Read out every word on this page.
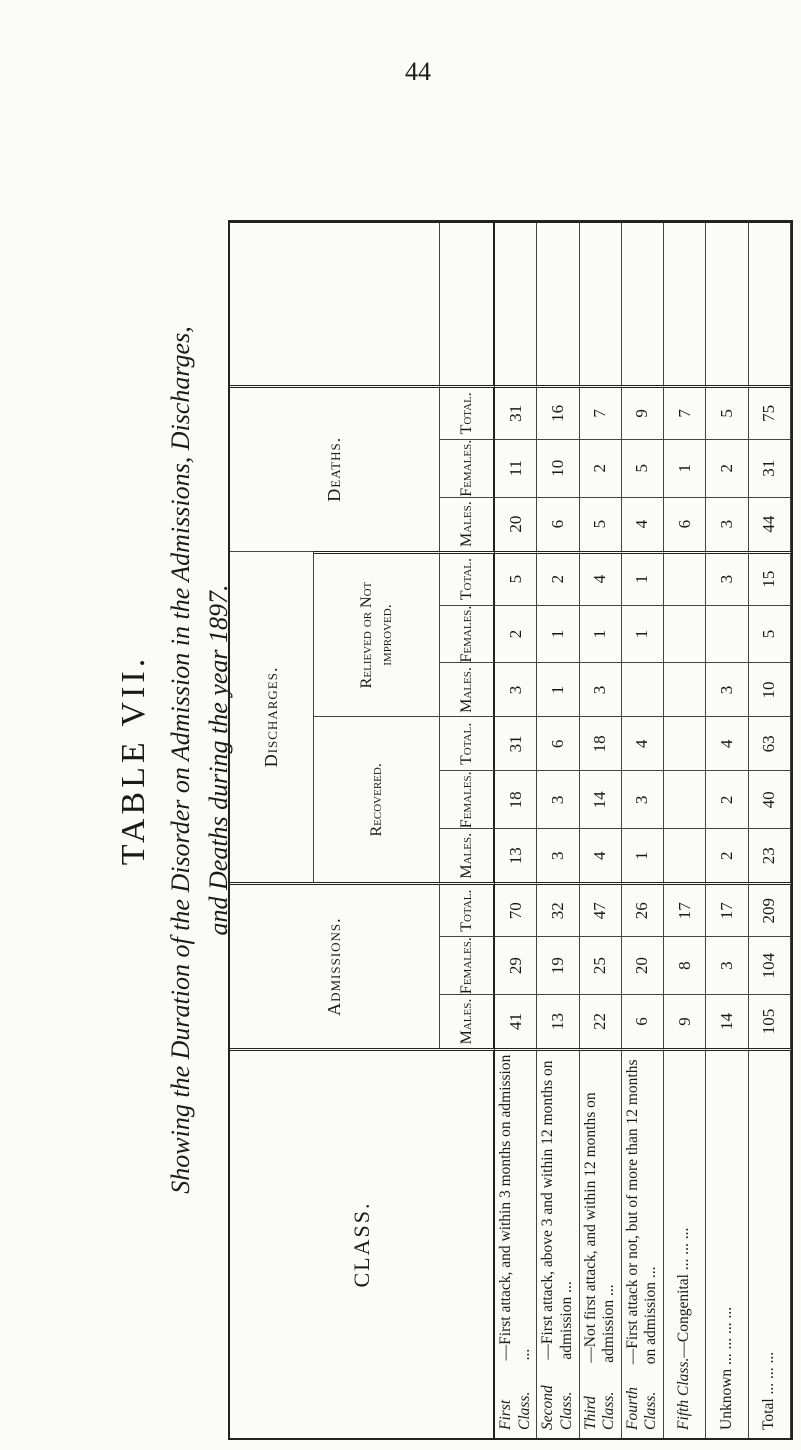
TABLE VII. Showing the Duration of the Disorder on Admission in the Admissions, Discharges, and Deaths during the year 1897.
44
CLASS.
Admissions.
Discharges.
Deaths.
Recovered.
Relieved or Not improved.
Males.
Females.
Total.
Males.
Females.
Total.
Males.
Females.
Total.
Males.
Females.
Total.
First Class.
—First attack, and within 3 months on admission ...
41
29
70
13
18
31
3
2
5
20
11
31
Second Class.
—First attack, above 3 and within 12 months on admission ...
13
19
32
3
3
6
1
1
2
6
10
16
Third Class.
—Not first attack, and within 12 months on admission ...
22
25
47
4
14
18
3
1
4
5
2
7
Fourth Class.
—First attack or not, but of more than 12 months on admission ...
6
20
26
1
3
4
1
1
4
5
9
Fifth Class.
—Congenital ... ... ...
9
8
17
6
1
7
Unknown ... ... ... ...
14
3
17
2
2
4
3
3
3
2
5
Total ... ... ...
105
104
209
23
40
63
10
5
15
44
31
75
